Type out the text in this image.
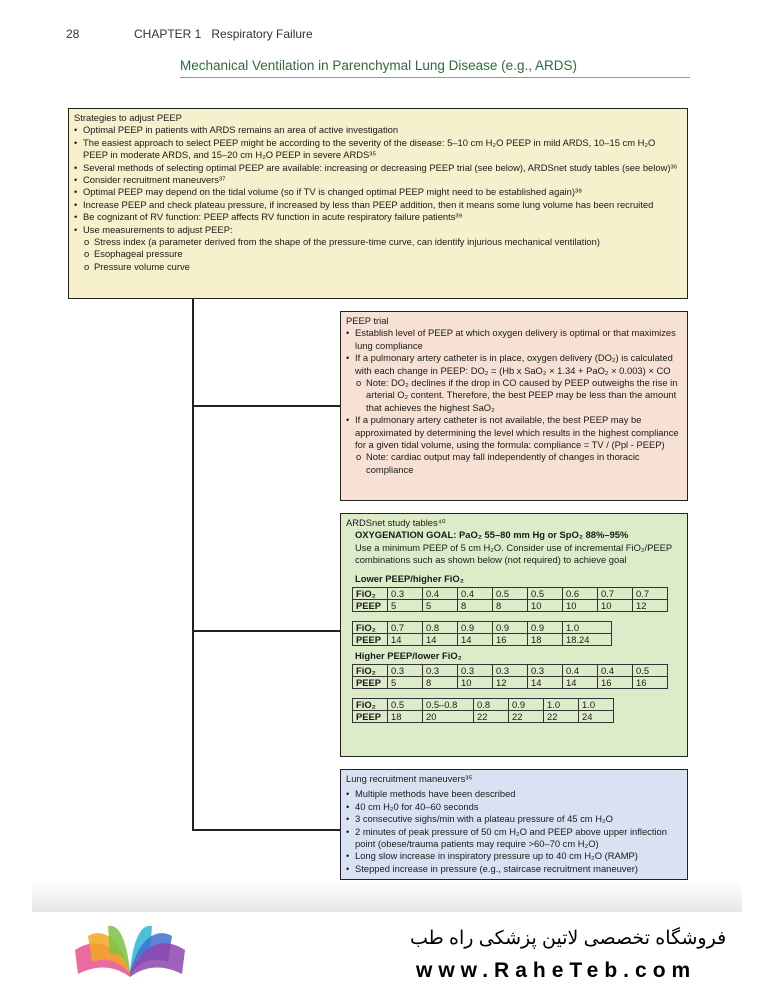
28	CHAPTER 1   Respiratory Failure
Mechanical Ventilation in Parenchymal Lung Disease (e.g., ARDS)
Strategies to adjust PEEP
• Optimal PEEP in patients with ARDS remains an area of active investigation
• The easiest approach to select PEEP might be according to the severity of the disease: 5–10 cm H₂O PEEP in mild ARDS, 10–15 cm H₂O PEEP in moderate ARDS, and 15–20 cm H₂O PEEP in severe ARDS³⁵
• Several methods of selecting optimal PEEP are available: increasing or decreasing PEEP trial (see below), ARDSnet study tables (see below)³⁶
• Consider recruitment maneuvers³⁷
• Optimal PEEP may depend on the tidal volume (so if TV is changed optimal PEEP might need to be established again)³⁸
• Increase PEEP and check plateau pressure, if increased by less than PEEP addition, then it means some lung volume has been recruited
• Be cognizant of RV function: PEEP affects RV function in acute respiratory failure patients³⁹
• Use measurements to adjust PEEP:
o Stress index (a parameter derived from the shape of the pressure-time curve, can identify injurious mechanical ventilation)
o Esophageal pressure
o Pressure volume curve
PEEP trial
• Establish level of PEEP at which oxygen delivery is optimal or that maximizes lung compliance
• If a pulmonary artery catheter is in place, oxygen delivery (DO₂) is calculated with each change in PEEP: DO₂ = (Hb x SaO₂ × 1.34 + PaO₂ × 0.003) × CO
o Note: DO₂ declines if the drop in CO caused by PEEP outweighs the rise in arterial O₂ content. Therefore, the best PEEP may be less than the amount that achieves the highest SaO₂
• If a pulmonary artery catheter is not available, the best PEEP may be approximated by determining the level which results in the highest compliance for a given tidal volume, using the formula: compliance = TV / (Ppl - PEEP)
o Note: cardiac output may fall independently of changes in thoracic compliance
ARDSnet study tables⁴⁰
OXYGENATION GOAL: PaO₂ 55–80 mm Hg or SpO₂ 88%–95%
Use a minimum PEEP of 5 cm H₂O. Consider use of incremental FiO₂/PEEP combinations such as shown below (not required) to achieve goal
Lower PEEP/higher FiO₂
FiO₂	0.3	0.4	0.4	0.5	0.5	0.6	0.7	0.7
PEEP	5	5	8	8	10	10	10	12
FiO₂	0.7	0.8	0.9	0.9	0.9	1.0
PEEP	14	14	14	16	18	18.24
Higher PEEP/lower FiO₂
FiO₂	0.3	0.3	0.3	0.3	0.3	0.4	0.4	0.5
PEEP	5	8	10	12	14	14	16	16
FiO₂	0.5	0.5–0.8	0.8	0.9	1.0	1.0
PEEP	18	20	22	22	22	24
Lung recruitment maneuvers³⁵
• Multiple methods have been described
• 40 cm H₂0 for 40–60 seconds
• 3 consecutive sighs/min with a plateau pressure of 45 cm H₂O
• 2 minutes of peak pressure of 50 cm H₂O and PEEP above upper inflection point (obese/trauma patients may require >60–70 cm H₂O)
• Long slow increase in inspiratory pressure up to 40 cm H₂O (RAMP)
• Stepped increase in pressure (e.g., staircase recruitment maneuver)
فروشگاه تخصصی لاتین پزشکی راه طب
www.RaheTeb.com
